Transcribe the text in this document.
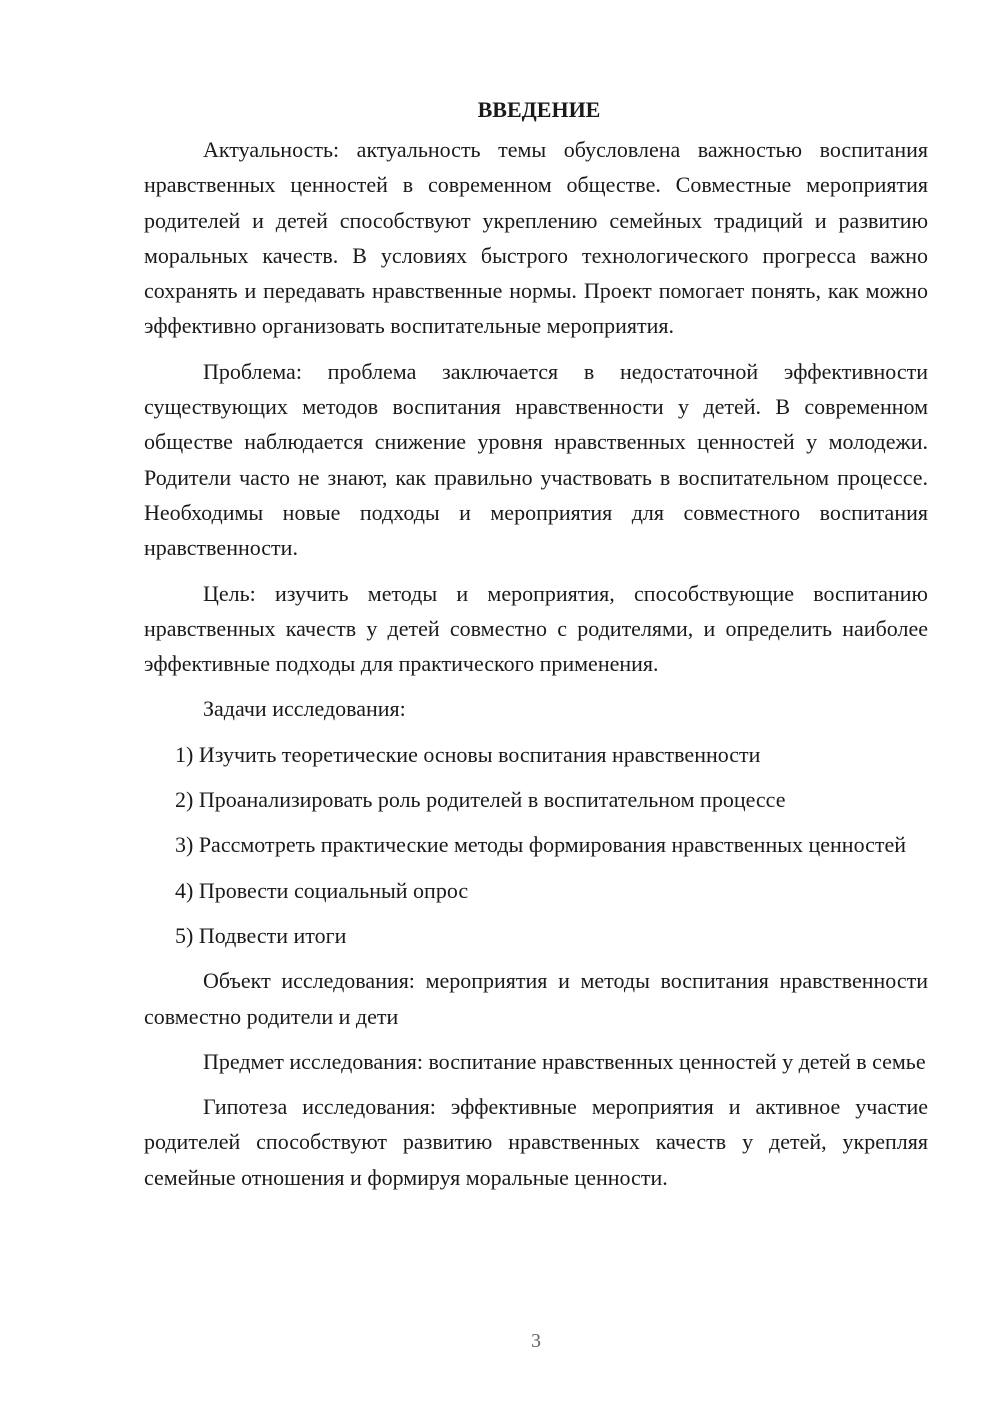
ВВЕДЕНИЕ

Актуальность: актуальность темы обусловлена важностью воспитания нравственных ценностей в современном обществе. Совместные мероприятия родителей и детей способствуют укреплению семейных традиций и развитию моральных качеств. В условиях быстрого технологического прогресса важно сохранять и передавать нравственные нормы. Проект помогает понять, как можно эффективно организовать воспитательные мероприятия.

Проблема: проблема заключается в недостаточной эффективности существующих методов воспитания нравственности у детей. В современном обществе наблюдается снижение уровня нравственных ценностей у молодежи. Родители часто не знают, как правильно участвовать в воспитательном процессе. Необходимы новые подходы и мероприятия для совместного воспитания нравственности.

Цель: изучить методы и мероприятия, способствующие воспитанию нравственных качеств у детей совместно с родителями, и определить наиболее эффективные подходы для практического применения.

Задачи исследования:

1) Изучить теоретические основы воспитания нравственности

2) Проанализировать роль родителей в воспитательном процессе

3) Рассмотреть практические методы формирования нравственных ценностей

4) Провести социальный опрос

5) Подвести итоги

Объект исследования: мероприятия и методы воспитания нравственности совместно родители и дети

Предмет исследования: воспитание нравственных ценностей у детей в семье

Гипотеза исследования: эффективные мероприятия и активное участие родителей способствуют развитию нравственных качеств у детей, укрепляя семейные отношения и формируя моральные ценности.

3
